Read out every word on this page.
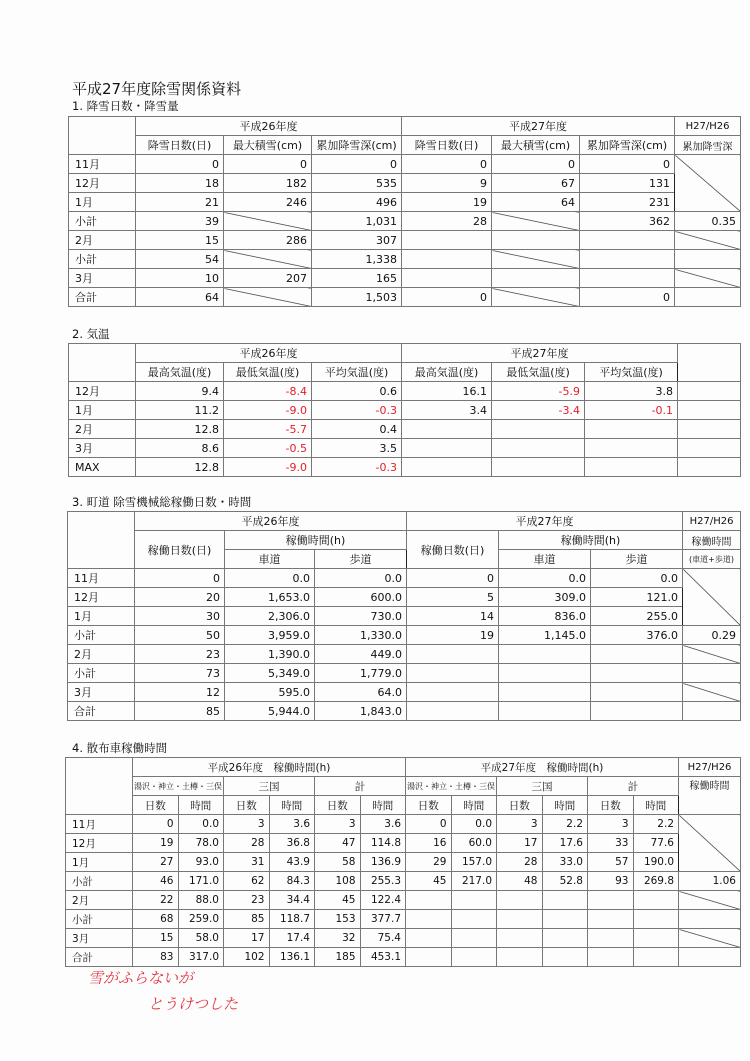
平成27年度除雪関係資料
1. 降雪日数・降雪量
	平成26年度			平成27年度			H27/H26
	降雪日数(日)	最大積雪(cm)	累加降雪深(cm)	降雪日数(日)	最大積雪(cm)	累加降雪深(cm)	累加降雪深
11月	0	0	0	0	0	0	
12月	18	182	535	9	67	131	
1月	21	246	496	19	64	231	
小計	39		1,031	28		362	0.35
2月	15	286	307				
小計	54		1,338				
3月	10	207	165				
合計	64		1,503	0		0	
2. 気温
	平成26年度			平成27年度			
	最高気温(度)	最低気温(度)	平均気温(度)	最高気温(度)	最低気温(度)	平均気温(度)	
12月	9.4	-8.4	0.6	16.1	-5.9	3.8	
1月	11.2	-9.0	-0.3	3.4	-3.4	-0.1	
2月	12.8	-5.7	0.4				
3月	8.6	-0.5	3.5				
MAX	12.8	-9.0	-0.3				
3. 町道 除雪機械総稼働日数・時間
	平成26年度			平成27年度			H27/H26
	稼働日数(日)	稼働時間(h)		稼働日数(日)	稼働時間(h)		稼働時間
		車道	歩道		車道	歩道	(車道+歩道)
11月	0	0.0	0.0	0	0.0	0.0	
12月	20	1,653.0	600.0	5	309.0	121.0	
1月	30	2,306.0	730.0	14	836.0	255.0	
小計	50	3,959.0	1,330.0	19	1,145.0	376.0	0.29
2月	23	1,390.0	449.0				
小計	73	5,349.0	1,779.0				
3月	12	595.0	64.0				
合計	85	5,944.0	1,843.0				
4. 散布車稼働時間
	平成26年度　稼働時間(h)						平成27年度　稼働時間(h)						H27/H26
	湯沢・神立・土樽・三俣		三国		計		湯沢・神立・土樽・三俣		三国		計		稼働時間
	日数	時間	日数	時間	日数	時間	日数	時間	日数	時間	日数	時間	
11月	0	0.0	3	3.6	3	3.6	0	0.0	3	2.2	3	2.2	
12月	19	78.0	28	36.8	47	114.8	16	60.0	17	17.6	33	77.6	
1月	27	93.0	31	43.9	58	136.9	29	157.0	28	33.0	57	190.0	
小計	46	171.0	62	84.3	108	255.3	45	217.0	48	52.8	93	269.8	1.06
2月	22	88.0	23	34.4	45	122.4							
小計	68	259.0	85	118.7	153	377.7							
3月	15	58.0	17	17.4	32	75.4							
合計	83	317.0	102	136.1	185	453.1							
雪がふらないが
とうけつした
